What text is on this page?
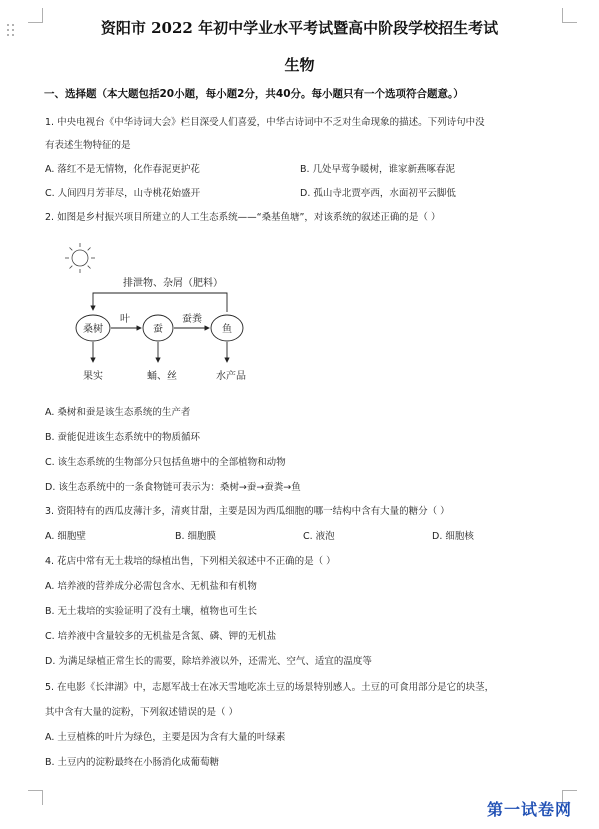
资阳市 2022 年初中学业水平考试暨高中阶段学校招生考试
生物
一、选择题（本大题包括20小题，每小题2分，共40分。每小题只有一个选项符合题意。）
1. 中央电视台《中华诗词大会》栏目深受人们喜爱，中华古诗词中不乏对生命现象的描述。下列诗句中没
有表述生物特征的是
A. 落红不是无情物，化作春泥更护花	B. 几处早莺争暖树，谁家新燕啄春泥
C. 人间四月芳菲尽，山寺桃花始盛开	D. 孤山寺北贾亭西，水面初平云脚低
2. 如图是乡村振兴项目所建立的人工生态系统——“桑基鱼塘”，对该系统的叙述正确的是（ ）
排泄物、杂屑（肥料）
桑树	蚕	鱼
叶	蚕粪
果实	蛹、丝	水产品
A. 桑树和蚕是该生态系统的生产者
B. 蚕能促进该生态系统中的物质循环
C. 该生态系统的生物部分只包括鱼塘中的全部植物和动物
D. 该生态系统中的一条食物链可表示为：桑树→蚕→蚕粪→鱼
3. 资阳特有的西瓜皮薄汁多，清爽甘甜，主要是因为西瓜细胞的哪一结构中含有大量的糖分（ ）
A. 细胞壁	B. 细胞膜	C. 液泡	D. 细胞核
4. 花店中常有无土栽培的绿植出售，下列相关叙述中不正确的是（ ）
A. 培养液的营养成分必需包含水、无机盐和有机物
B. 无土栽培的实验证明了没有土壤，植物也可生长
C. 培养液中含量较多的无机盐是含氮、磷、钾的无机盐
D. 为满足绿植正常生长的需要，除培养液以外，还需光、空气、适宜的温度等
5. 在电影《长津湖》中，志愿军战士在冰天雪地吃冻土豆的场景特别感人。土豆的可食用部分是它的块茎，
其中含有大量的淀粉，下列叙述错误的是（ ）
A. 土豆植株的叶片为绿色，主要是因为含有大量的叶绿素
B. 土豆内的淀粉最终在小肠消化成葡萄糖
第一试卷网
